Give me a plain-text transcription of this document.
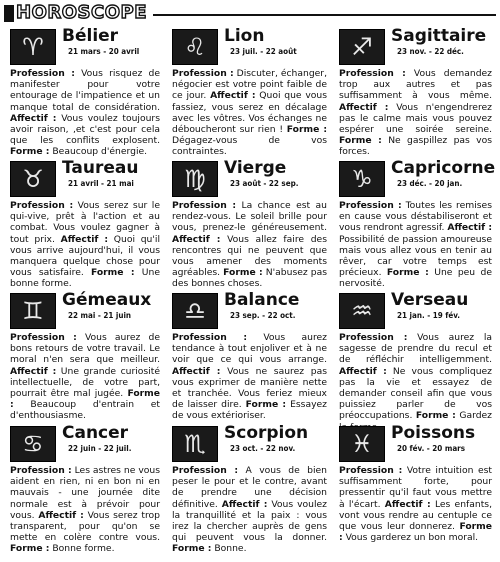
HOROSCOPE
♈ Bélier
21 mars - 20 avril
Profession : Vous risquez de manifester pour votre entourage de l'impatience et un manque total de considération. Affectif : Vous voulez toujours avoir raison, ,et c'est pour cela que les conflits explosent. Forme : Beaucoup d'énergie.
♌ Lion
23 juil. - 22 août
Profession : Discuter, échanger, négocier est votre point faible de ce jour. Affectif : Quoi que vous fassiez, vous serez en décalage avec les vôtres. Vos échanges ne déboucheront sur rien ! Forme : Dégagez-vous de vos contraintes.
♐ Sagittaire
23 nov. - 22 déc.
Profession : Vous demandez trop aux autres et pas suffisamment à vous même. Affectif : Vous n'engendrerez pas le calme mais vous pouvez espérer une soirée sereine. Forme : Ne gaspillez pas vos forces.
♉ Taureau
21 avril - 21 mai
Profession : Vous serez sur le qui-vive, prêt à l'action et au combat. Vous voulez gagner à tout prix. Affectif : Quoi qu'il vous arrive aujourd'hui, il vous manquera quelque chose pour vous satisfaire. Forme : Une bonne forme.
♍ Vierge
23 août - 22 sep.
Profession : La chance est au rendez-vous. Le soleil brille pour vous, prenez-le généreusement. Affectif : Vous allez faire des rencontres qui ne peuvent que vous amener des moments agréables. Forme : N'abusez pas des bonnes choses.
♑ Capricorne
23 déc. - 20 jan.
Profession : Toutes les remises en cause vous déstabiliseront et vous rendront agressif. Affectif : Possibilité de passion amoureuse mais vous allez vous en tenir au rêver, car votre temps est précieux. Forme : Une peu de nervosité.
♊ Gémeaux
22 mai - 21 juin
Profession : Vous aurez de bons retours de votre travail. Le moral n'en sera que meilleur. Affectif : Une grande curiosité intellectuelle, de votre part, pourrait être mal jugée. Forme : Beaucoup d'entrain et d'enthousiasme.
♎ Balance
23 sep. - 22 oct.
Profession : Vous aurez tendance à tout enjoliver et à ne voir que ce qui vous arrange. Affectif : Vous ne saurez pas vous exprimer de manière nette et tranchée. Vous feriez mieux de laisser dire. Forme : Essayez de vous extérioriser.
♒ Verseau
21 jan. - 19 fév.
Profession : Vous aurez la sagesse de prendre du recul et de réfléchir intelligemment. Affectif : Ne vous compliquez pas la vie et essayez de demander conseil afin que vous puissiez parler de vos préoccupations. Forme : Gardez
♋ Cancer
22 juin - 22 juil.
Profession : Les astres ne vous aident en rien, ni en bon ni en mauvais - une journée dite normale est à prévoir pour vous. Affectif : Vous serez trop transparent, pour qu'on se mette en colère contre vous. Forme : Bonne forme.
♏ Scorpion
23 oct. - 22 nov.
Profession : A vous de bien peser le pour et le contre, avant de prendre une décision définitive. Affectif : Vous voulez la tranquillité et la paix : vous irez la chercher auprès de gens qui peuvent vous la donner. Forme : Bonne.
♓ Poissons
20 fév. - 20 mars
Profession : Votre intuition est suffisamment forte, pour pressentir qu'il faut vous mettre à l'écart. Affectif : Les enfants, vont vous rendre au centuple ce que vous leur donnerez. Forme : Vous garderez un bon moral.
